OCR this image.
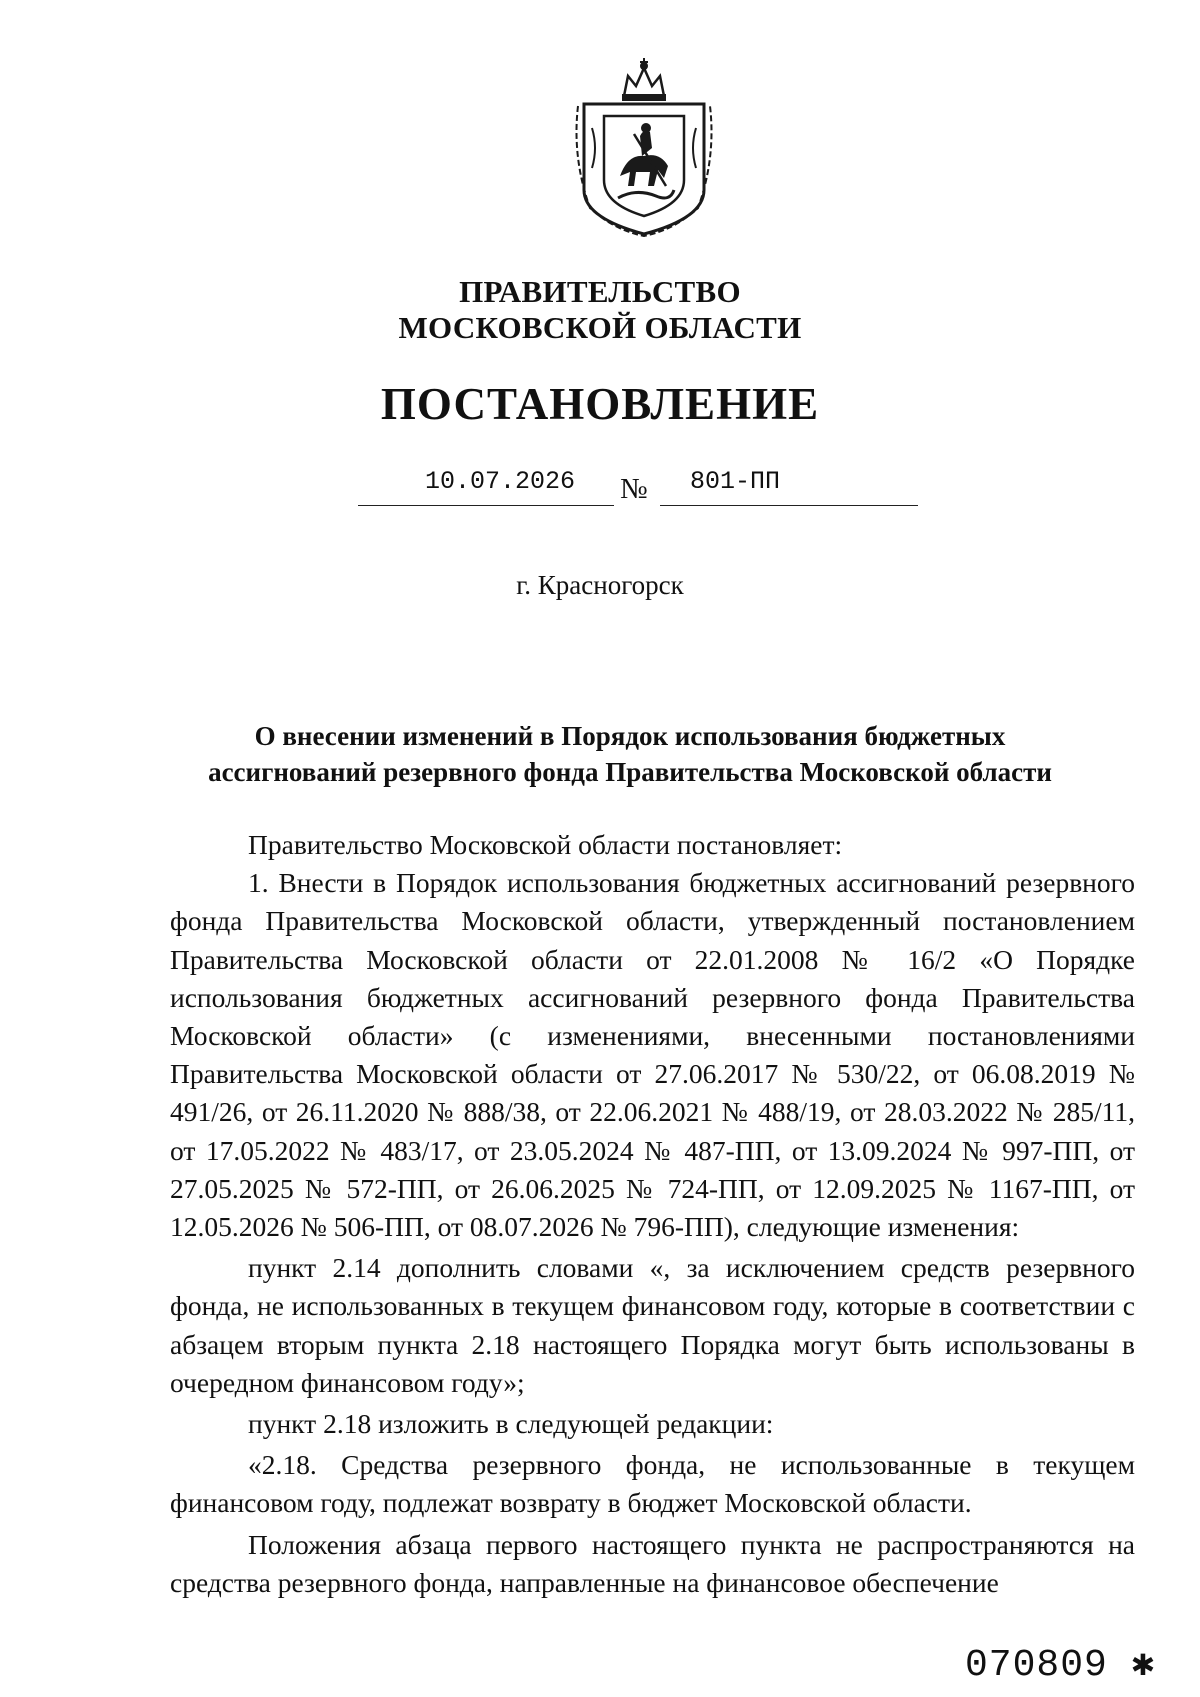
ПРАВИТЕЛЬСТВО
МОСКОВСКОЙ ОБЛАСТИ
ПОСТАНОВЛЕНИЕ
10.07.2026 № 801-ПП
г. Красногорск
О внесении изменений в Порядок использования бюджетных
ассигнований резервного фонда Правительства Московской области

Правительство Московской области постановляет:

1. Внести в Порядок использования бюджетных ассигнований резервного фонда Правительства Московской области, утвержденный постановлением Правительства Московской области от 22.01.2008 № 16/2 «О Порядке использования бюджетных ассигнований резервного фонда Правительства Московской области» (с изменениями, внесенными постановлениями Правительства Московской области от 27.06.2017 № 530/22, от 06.08.2019 № 491/26, от 26.11.2020 № 888/38, от 22.06.2021 № 488/19, от 28.03.2022 № 285/11, от 17.05.2022 № 483/17, от 23.05.2024 № 487-ПП, от 13.09.2024 № 997-ПП, от 27.05.2025 № 572-ПП, от 26.06.2025 № 724-ПП, от 12.09.2025 № 1167-ПП, от 12.05.2026 № 506-ПП, от 08.07.2026 № 796-ПП), следующие изменения:

пункт 2.14 дополнить словами «, за исключением средств резервного фонда, не использованных в текущем финансовом году, которые в соответствии с абзацем вторым пункта 2.18 настоящего Порядка могут быть использованы в очередном финансовом году»;

пункт 2.18 изложить в следующей редакции:

«2.18. Средства резервного фонда, не использованные в текущем финансовом году, подлежат возврату в бюджет Московской области.

Положения абзаца первого настоящего пункта не распространяются на средства резервного фонда, направленные на финансовое обеспечение

070809 ✱
